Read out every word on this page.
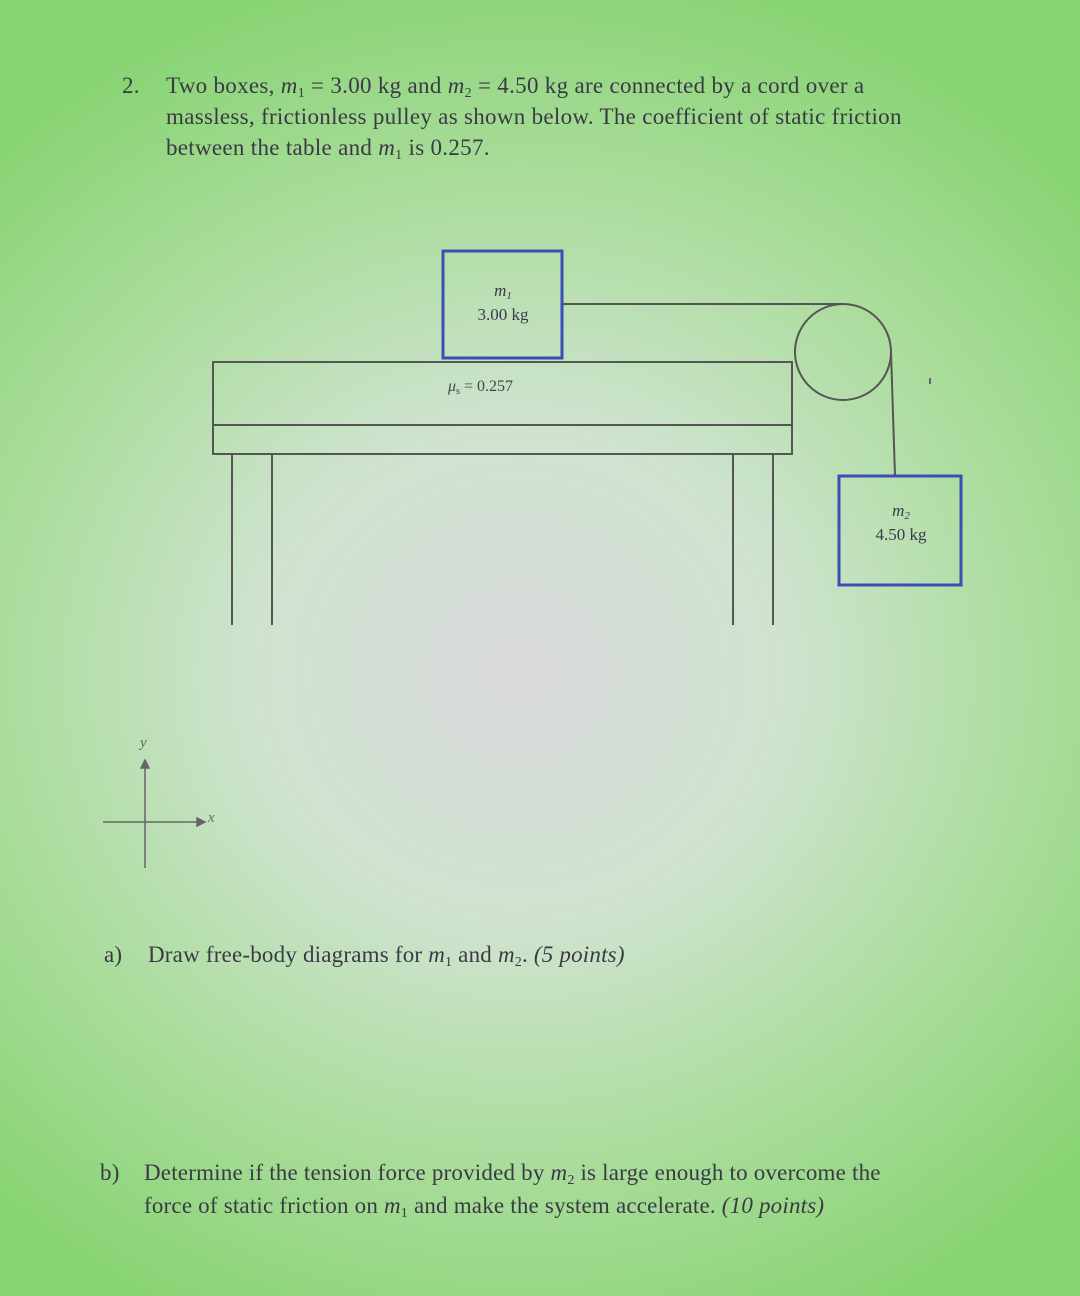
2. Two boxes, $m_1 = 3.00$ kg and $m_2 = 4.50$ kg are connected by a cord over a
massless, frictionless pulley as shown below. The coefficient of static friction
between the table and $m_1$ is 0.257.
$m_1$
3.00 kg
$m_2$
4.50 kg
$\mu_s = 0.257$
y
x
a) Draw free-body diagrams for $m_1$ and $m_2$. (5 points)
b) Determine if the tension force provided by $m_2$ is large enough to overcome the
force of static friction on $m_1$ and make the system accelerate. (10 points)
